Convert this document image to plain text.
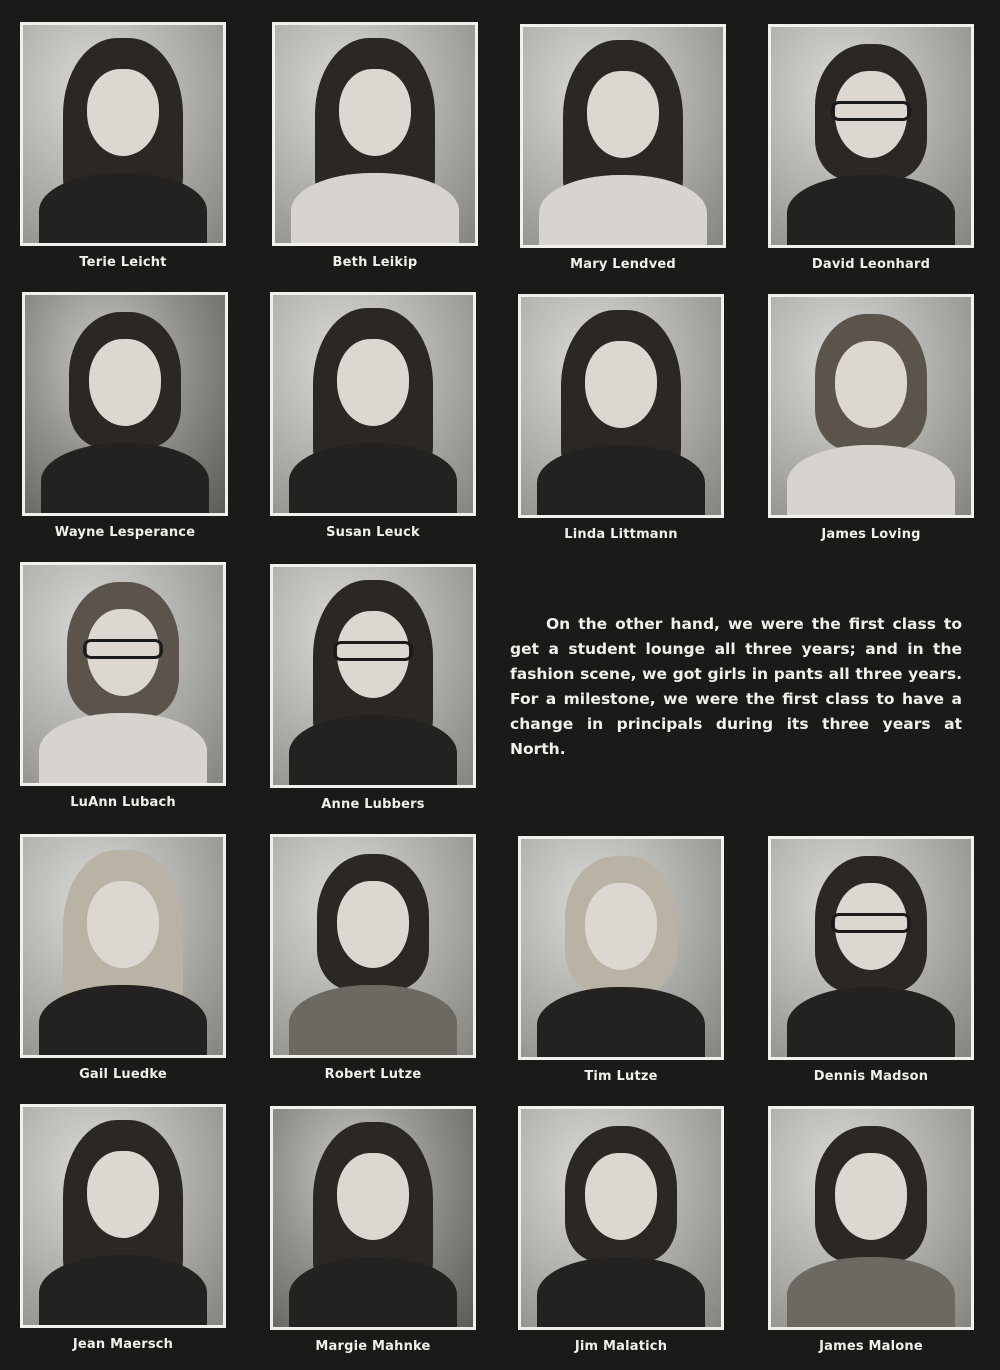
Terie Leicht	Beth Leikip	Mary Lendved	David Leonhard
Wayne Lesperance	Susan Leuck	Linda Littmann	James Loving
LuAnn Lubach	Anne Lubbers

On the other hand, we were the first class to get a student lounge all three years; and in the fashion scene, we got girls in pants all three years. For a milestone, we were the first class to have a change in principals during its three years at North.

Gail Luedke	Robert Lutze	Tim Lutze	Dennis Madson
Jean Maersch	Margie Mahnke	Jim Malatich	James Malone
